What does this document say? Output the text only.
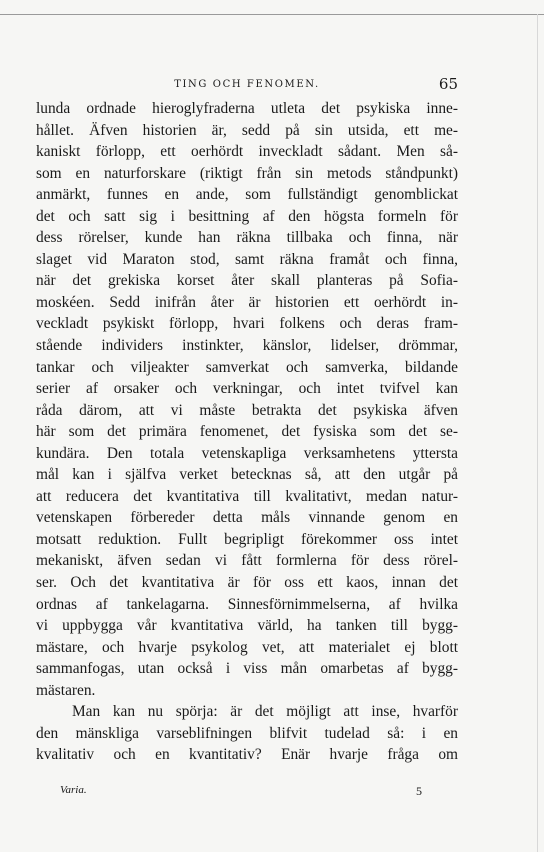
TING OCH FENOMEN.	65
lunda ordnade hieroglyfraderna utleta det psykiska inne-
hållet. Äfven historien är, sedd på sin utsida, ett me-
kaniskt förlopp, ett oerhördt inveckladt sådant. Men så-
som en naturforskare (riktigt från sin metods ståndpunkt)
anmärkt, funnes en ande, som fullständigt genomblickat
det och satt sig i besittning af den högsta formeln för
dess rörelser, kunde han räkna tillbaka och finna, när
slaget vid Maraton stod, samt räkna framåt och finna,
när det grekiska korset åter skall planteras på Sofia-
moskéen. Sedd inifrån åter är historien ett oerhördt in-
veckladt psykiskt förlopp, hvari folkens och deras fram-
stående individers instinkter, känslor, lidelser, drömmar,
tankar och viljeakter samverkat och samverka, bildande
serier af orsaker och verkningar, och intet tvifvel kan
råda därom, att vi måste betrakta det psykiska äfven
här som det primära fenomenet, det fysiska som det se-
kundära. Den totala vetenskapliga verksamhetens yttersta
mål kan i själfva verket betecknas så, att den utgår på
att reducera det kvantitativa till kvalitativt, medan natur-
vetenskapen förbereder detta måls vinnande genom en
motsatt reduktion. Fullt begripligt förekommer oss intet
mekaniskt, äfven sedan vi fått formlerna för dess rörel-
ser. Och det kvantitativa är för oss ett kaos, innan det
ordnas af tankelagarna. Sinnesförnimmelserna, af hvilka
vi uppbygga vår kvantitativa värld, ha tanken till bygg-
mästare, och hvarje psykolog vet, att materialet ej blott
sammanfogas, utan också i viss mån omarbetas af bygg-
mästaren.
Man kan nu spörja: är det möjligt att inse, hvarför
den mänskliga varseblifningen blifvit tudelad så: i en
kvalitativ och en kvantitativ? Enär hvarje fråga om
Varia.	5
